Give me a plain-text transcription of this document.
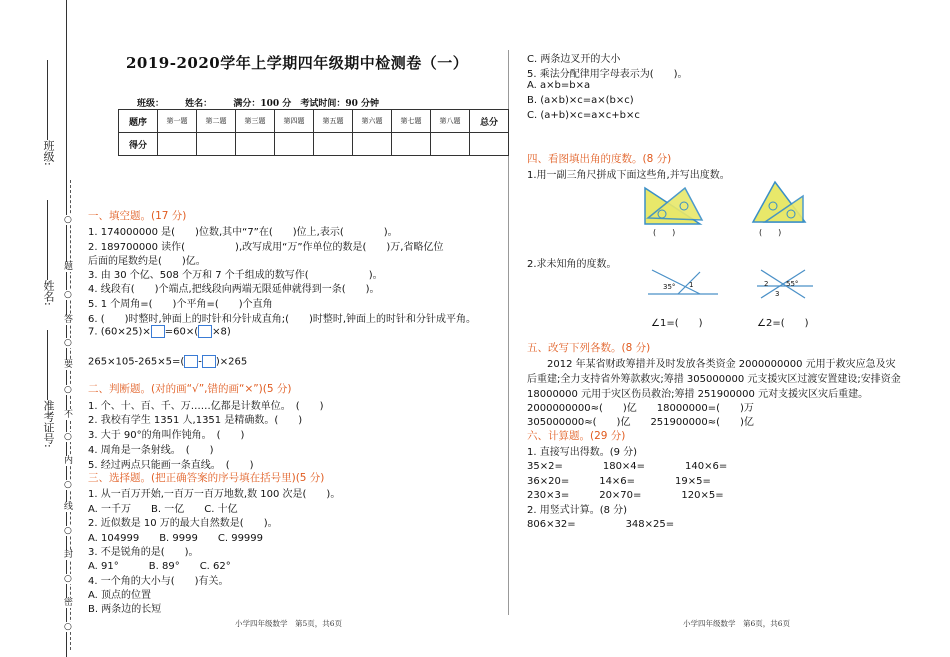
班级:
姓名:
准考证号:
○
题
○
答
○
要
○
不
○
内
○
线
○
封
○
密
○
2019-2020学年上学期四年级期中检测卷（一）
班级： 姓名： 满分：100 分 考试时间：90 分钟
题序	第一题	第二题	第三题	第四题	第五题	第六题	第七题	第八题	总分
得分									
一、填空题。(17 分)
1. 174000000 是(　　)位数,其中“7”在(　　)位上,表示(　　　　)。
2. 189700000 读作(　　　　　),改写成用“万”作单位的数是(　　)万,省略亿位
后面的尾数约是(　　)亿。
3. 由 30 个亿、508 个万和 7 个千组成的数写作(　　　　　　)。
4. 线段有(　　)个端点,把线段向两端无限延伸就得到一条(　　)。
5. 1 个周角=(　　)个平角=(　　)个直角
6. (　　)时整时,钟面上的时针和分针成直角;(　　)时整时,钟面上的时针和分针成平角。
7. (60×25)× =60×( ×8)
265×105-265×5=( - )×265
二、判断题。(对的画“√”,错的画“×”)(5 分)
1. 个、十、百、千、万……亿都是计数单位。　(　　)
2. 我校有学生 1351 人,1351 是精确数。(　　)
3. 大于 90°的角叫作钝角。　(　　)
4. 周角是一条射线。　(　　)
5. 经过两点只能画一条直线。　(　　)
三、选择题。(把正确答案的序号填在括号里)(5 分)
1. 从一百万开始,一百万一百万地数,数 100 次是(　　)。
A. 一千万　　B. 一亿　　C. 十亿
2. 近似数是 10 万的最大自然数是(　　)。
A. 104999　　B. 9999　　C. 99999
3. 不是锐角的是(　　)。
A. 91°　　　B. 89°　　C. 62°
4. 一个角的大小与(　　)有关。
A. 顶点的位置
B. 两条边的长短
小学四年级数学　第5页，共6页
C. 两条边叉开的大小
5. 乘法分配律用字母表示为(　　)。
A. a×b=b×a
B. (a×b)×c=a×(b×c)
C. (a+b)×c=a×c+b×c
四、看图填出角的度数。(8 分)
1.用一副三角尺拼成下面这些角,并写出度数。
(　　)	(　　)
2.求未知角的度数。
35° 1	2	55°
3
∠1=(　　)	∠2=(　　)
五、改写下列各数。(8 分)
　　2012 年某省财政筹措并及时发放各类资金 2000000000 元用于救灾应急及灾
后重建;全力支持省外筹款救灾;筹措 305000000 元支援灾区过渡安置建设;安排资金
18000000 元用于灾区伤员救治;筹措 251900000 元对支援灾区灾后重建。
2000000000≈(　　)亿　　18000000=(　　)万
305000000≈(　　)亿　　251900000≈(　　)亿
六、计算题。(29 分)
1. 直接写出得数。(9 分)
35×2=　　　　180×4=　　　　140×6=
36×20=　　　14×6=　　　　19×5=
230×3=　　　20×70=　　　　120×5=
2. 用竖式计算。(8 分)
806×32=　　　　　348×25=
小学四年级数学　第6页，共6页
